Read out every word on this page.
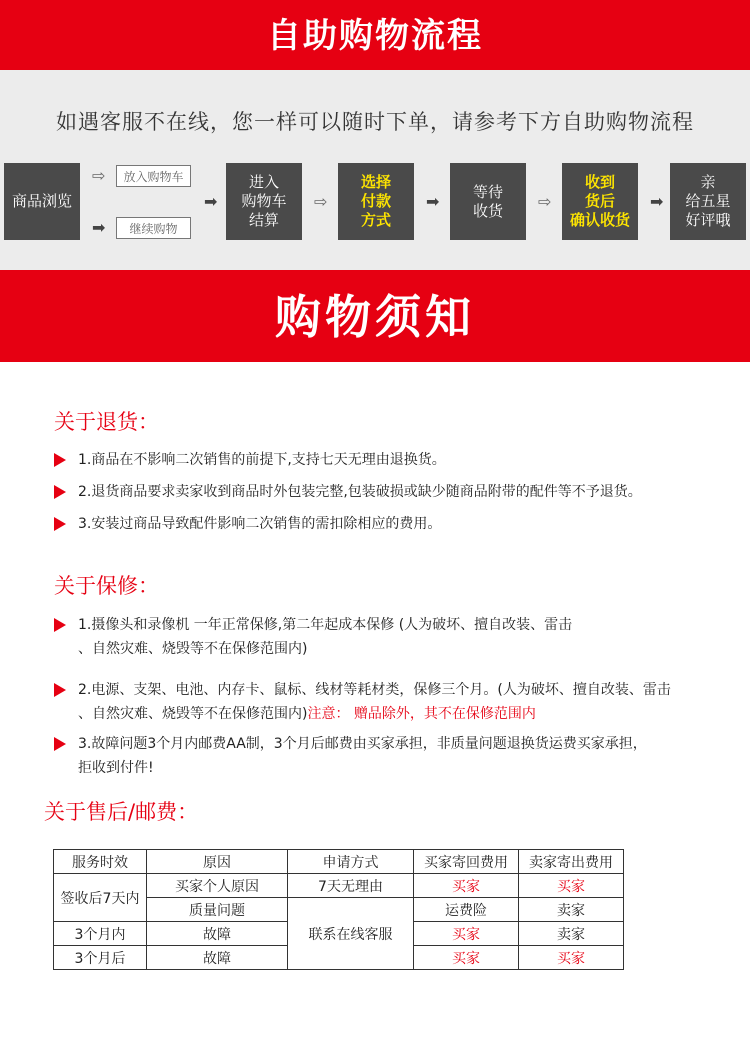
自助购物流程
如遇客服不在线，您一样可以随时下单，请参考下方自助购物流程
商品浏览
⇨	放入购物车
➡	继续购物
➡
进入
购物车
结算
⇨
选择
付款
方式
➡
等待
收货 ⇨
收到
货后
确认收货
➡
亲
给五星
好评哦
购物须知
关于退货：
1.商品在不影响二次销售的前提下,支持七天无理由退换货。
2.退货商品要求卖家收到商品时外包装完整,包装破损或缺少随商品附带的配件等不予退货。
3.安装过商品导致配件影响二次销售的需扣除相应的费用。
关于保修：
1.摄像头和录像机 一年正常保修,第二年起成本保修 (人为破坏、擅自改装、雷击
、自然灾难、烧毁等不在保修范围内)
2.电源、支架、电池、内存卡、鼠标、线材等耗材类，保修三个月。(人为破坏、擅自改装、雷击
、自然灾难、烧毁等不在保修范围内)注意： 赠品除外，其不在保修范围内
3.故障问题3个月内邮费AA制，3个月后邮费由买家承担，非质量问题退换货运费买家承担，
拒收到付件!
关于售后/邮费：
服务时效	原因	申请方式	买家寄回费用	卖家寄出费用
签收后7天内	买家个人原因	7天无理由	买家	买家
	质量问题	联系在线客服	运费险	卖家
3个月内	故障		买家	卖家
3个月后	故障		买家	买家
